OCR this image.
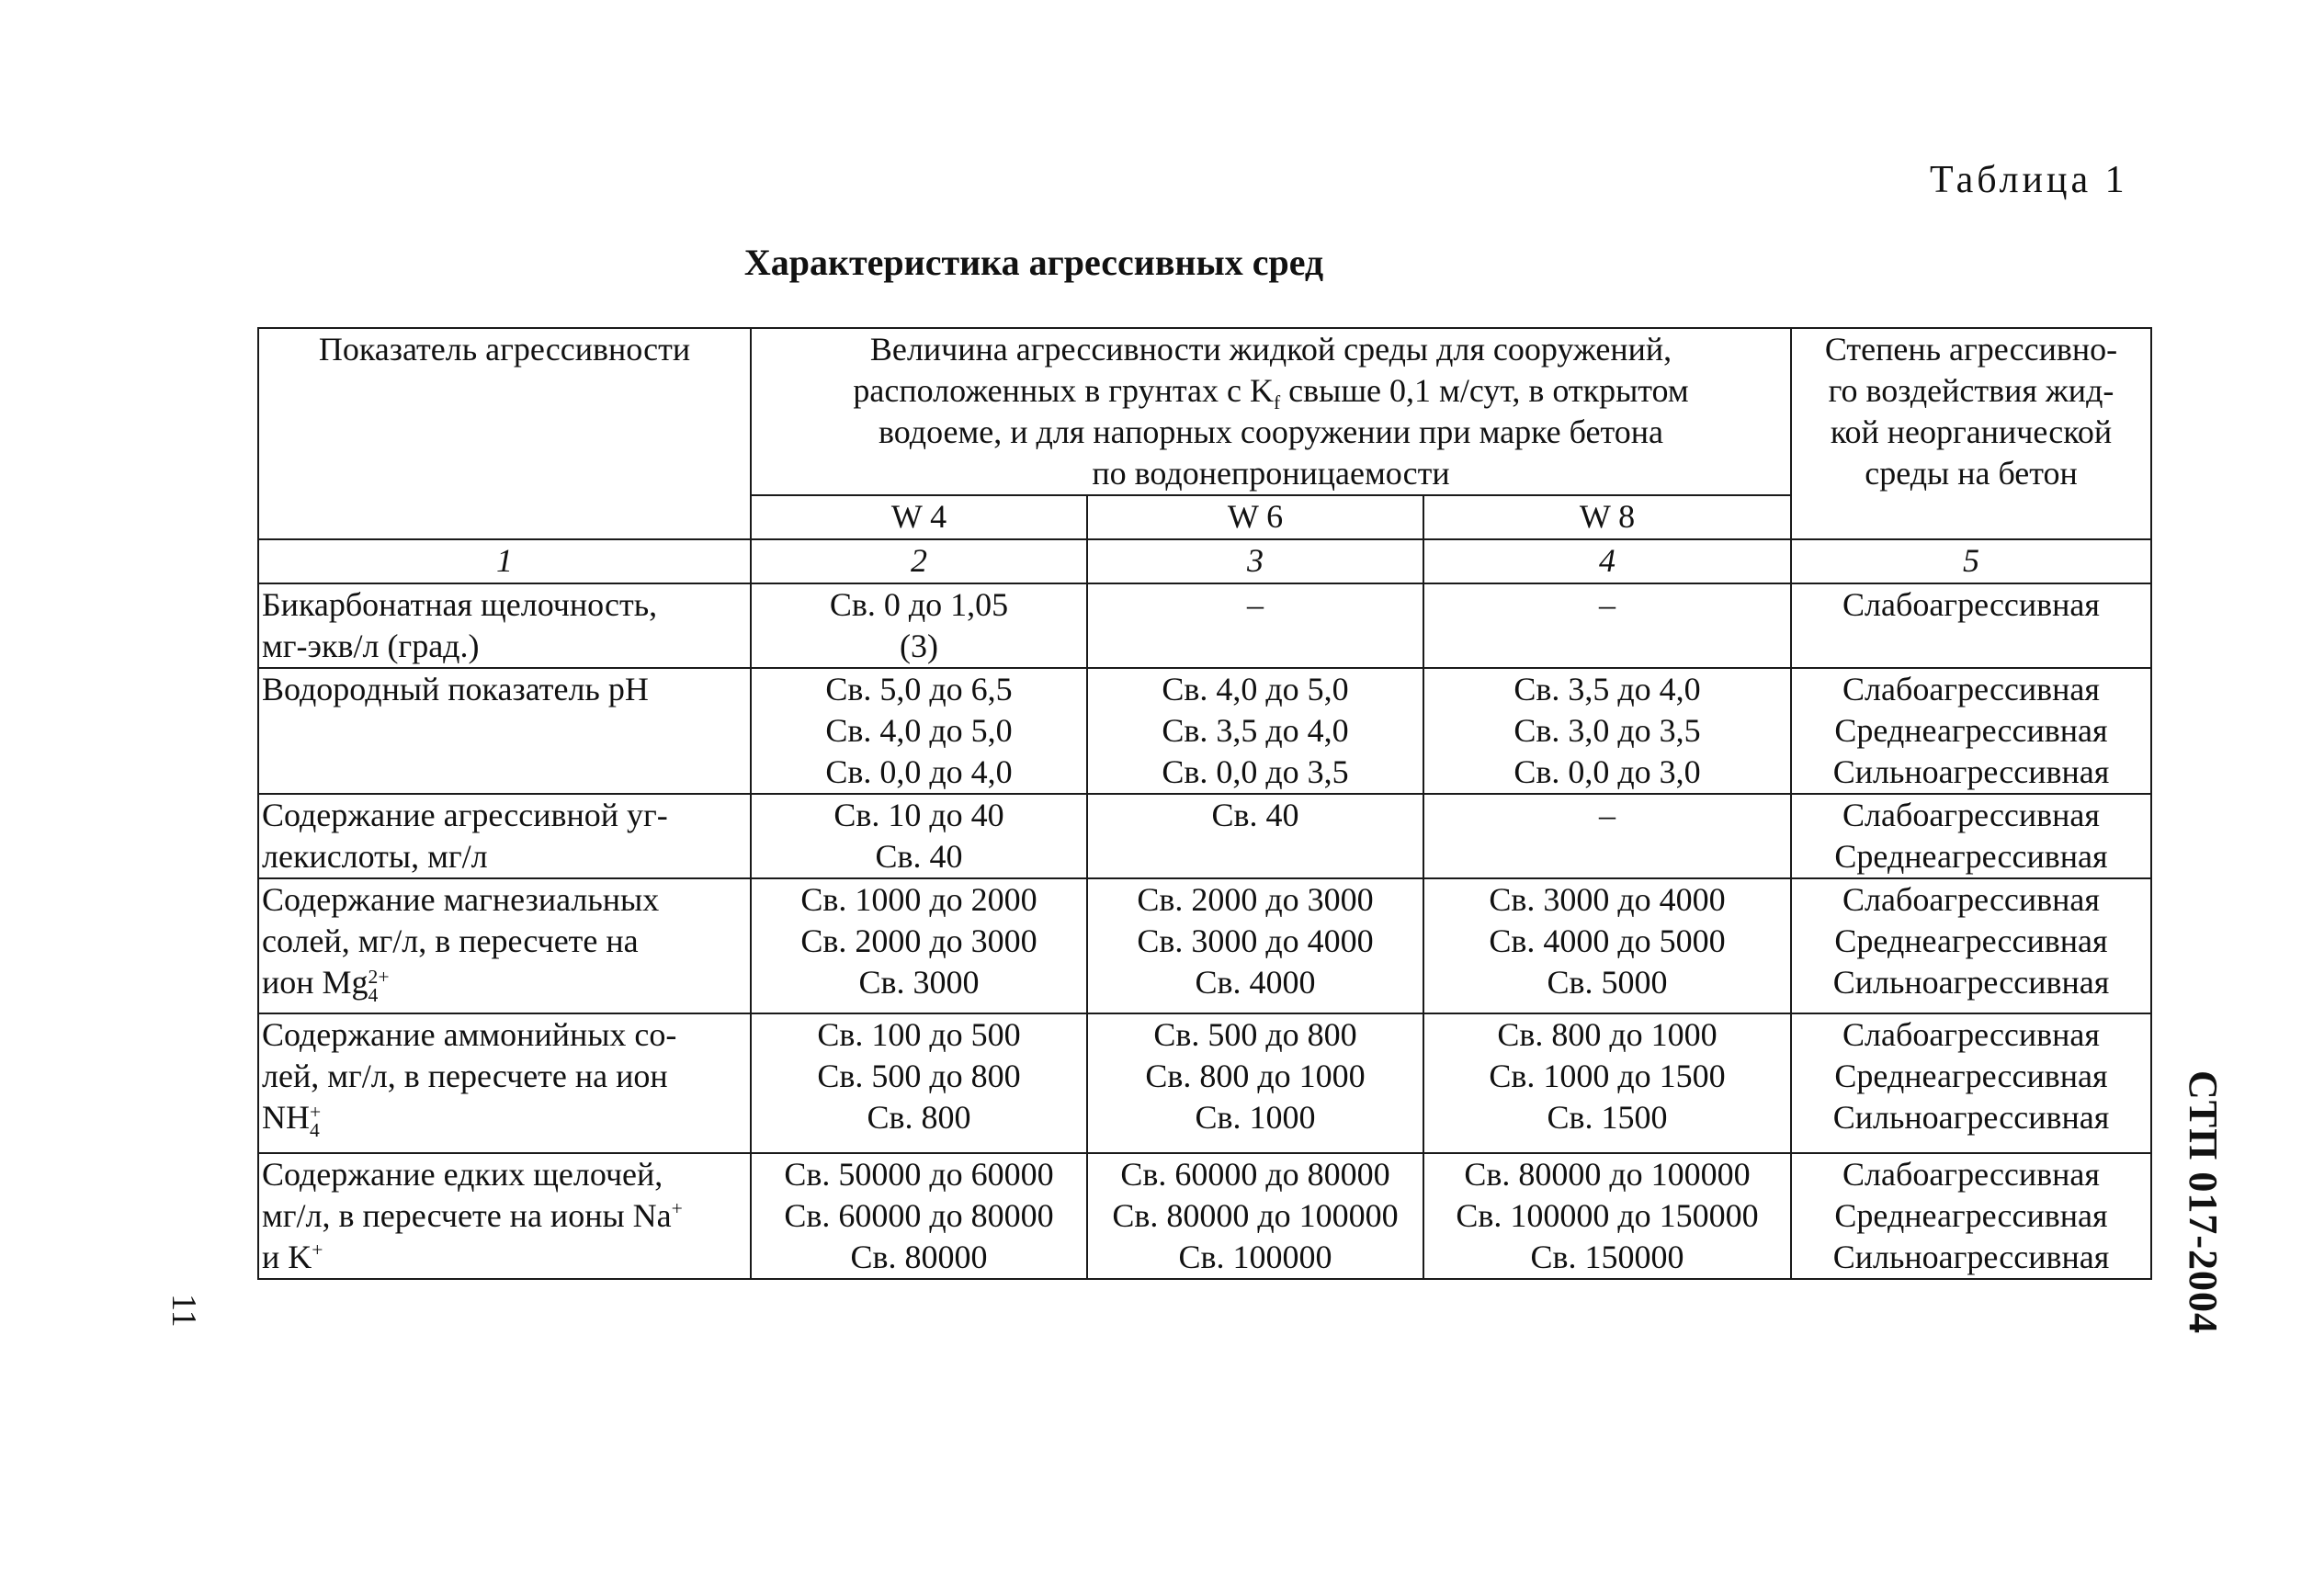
Таблица 1
Характеристика агрессивных сред
Показатель агрессивности	Величина агрессивности жидкой среды для сооружений,
расположенных в грунтах с $K_f$ свыше 0,1 м/сут, в открытом
водоеме, и для напорных сооружении при марке бетона
по водонепроницаемости			Степень агрессивно-
го воздействия жид-
кой неорганической
среды на бетон

	W 4	W 6	W 8	
1	2	3	4	5

Бикарбонатная щелочность,
мг-экв/л (град.)	Св. 0 до 1,05
(3)	–	–	Слабоагрессивная

Водородный показатель рН	Св. 5,0 до 6,5
Св. 4,0 до 5,0
Св. 0,0 до 4,0	Св. 4,0 до 5,0
Св. 3,5 до 4,0
Св. 0,0 до 3,5	Св. 3,5 до 4,0
Св. 3,0 до 3,5
Св. 0,0 до 3,0	Слабоагрессивная
Среднеагрессивная
Сильноагрессивная

Содержание агрессивной уг-
лекислоты, мг/л	Св. 10 до 40
Св. 40	Св. 40	–	Слабоагрессивная
Среднеагрессивная

Содержание магнезиальных
солей, мг/л, в пересчете на
ион Mg 2+
4	Св. 1000 до 2000
Св. 2000 до 3000
Св. 3000	Св. 2000 до 3000
Св. 3000 до 4000
Св. 4000	Св. 3000 до 4000
Св. 4000 до 5000
Св. 5000	Слабоагрессивная
Среднеагрессивная
Сильноагрессивная

Содержание аммонийных со-
лей, мг/л, в пересчете на ион
NH +
4	Св. 100 до 500
Св. 500 до 800
Св. 800	Св. 500 до 800
Св. 800 до 1000
Св. 1000	Св. 800 до 1000
Св. 1000 до 1500
Св. 1500	Слабоагрессивная
Среднеагрессивная
Сильноагрессивная

Содержание едких щелочей,
мг/л, в пересчете на ионы Na+
и K+	Св. 50000 до 60000
Св. 60000 до 80000
Св. 80000	Св. 60000 до 80000
Св. 80000 до 100000
Св. 100000	Св. 80000 до 100000
Св. 100000 до 150000
Св. 150000	Слабоагрессивная
Среднеагрессивная
Сильноагрессивная	СТП 017-2004
11
